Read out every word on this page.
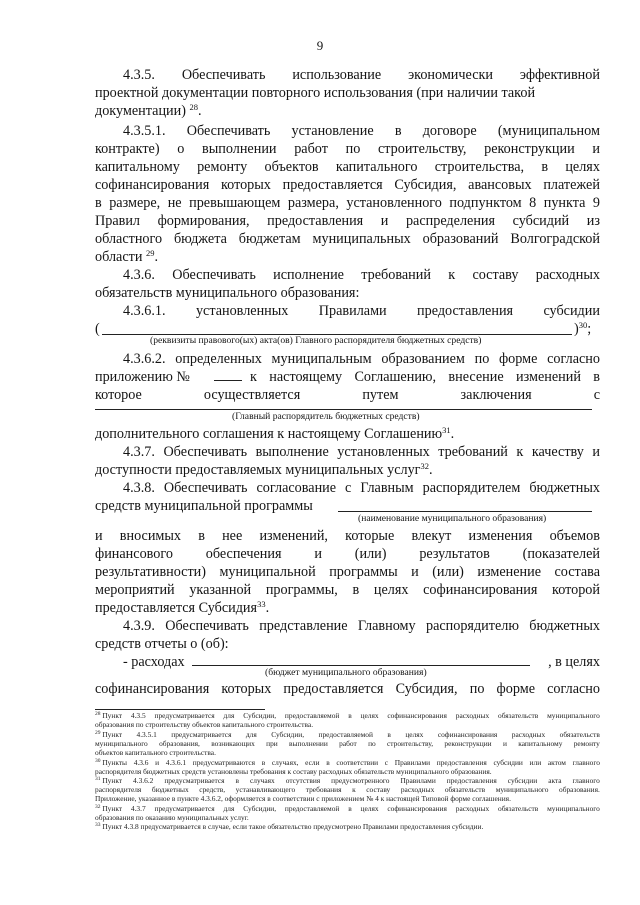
9
4.3.5. Обеспечивать использование экономически эффективной
проектной документации повторного использования (при наличии такой
документации) $^{28}$.
4.3.5.1. Обеспечивать установление в договоре (муниципальном
контракте) о выполнении работ по строительству, реконструкции и
капитальному ремонту объектов капитального строительства, в целях
софинансирования которых предоставляется Субсидия, авансовых платежей
в размере, не превышающем размера, установленного подпунктом 8 пункта 9
Правил формирования, предоставления и распределения субсидий из
областного бюджета бюджетам муниципальных образований Волгоградской
области $^{29}$.
4.3.6. Обеспечивать исполнение требований к составу расходных
обязательств муниципального образования:
4.3.6.1. установленных Правилами предоставления субсидии
(	)$^{30}$;
(реквизиты правового(ых) акта(ов) Главного распорядителя бюджетных средств)
4.3.6.2. определенных муниципальным образованием по форме согласно
приложению №	к настоящему Соглашению, внесение изменений в
которое	осуществляется	путем	заключения	с
(Главный распорядитель бюджетных средств)
дополнительного соглашения к настоящему Соглашению$^{31}$.
4.3.7. Обеспечивать выполнение установленных требований к качеству и
доступности предоставляемых муниципальных услуг$^{32}$.
4.3.8. Обеспечивать согласование с Главным распорядителем бюджетных
средств муниципальной программы
(наименование муниципального образования)
и вносимых в нее изменений, которые влекут изменения объемов
финансового обеспечения и (или) результатов (показателей
результативности) муниципальной программы и (или) изменение состава
мероприятий указанной программы, в целях софинансирования которой
предоставляется Субсидия$^{33}$.
4.3.9. Обеспечивать представление Главному распорядителю бюджетных
средств отчеты о (об):
- расходах	, в целях
(бюджет муниципального образования)
софинансирования которых предоставляется Субсидия, по форме согласно
$^{28}$ Пункт 4.3.5 предусматривается для Субсидии, предоставляемой в целях софинансирования расходных обязательств муниципального
образования по строительству объектов капитального строительства.
$^{29}$ Пункт 4.3.5.1 предусматривается для Субсидии, предоставляемой в целях софинансирования расходных обязательств
муниципального образования, возникающих при выполнении работ по строительству, реконструкции и капитальному ремонту
объектов капитального строительства.
$^{30}$ Пункты 4.3.6 и 4.3.6.1 предусматриваются в случаях, если в соответствии с Правилами предоставления субсидии или актом главного
распорядителя бюджетных средств установлены требования к составу расходных обязательств муниципального образования.
$^{31}$ Пункт 4.3.6.2 предусматривается в случаях отсутствия предусмотренного Правилами предоставления субсидии акта главного
распорядителя бюджетных средств, устанавливающего требования к составу расходных обязательств муниципального образования.
Приложение, указанное в пункте 4.3.6.2, оформляется в соответствии с приложением № 4 к настоящей Типовой форме соглашения.
$^{32}$ Пункт 4.3.7 предусматривается для Субсидии, предоставляемой в целях софинансирования расходных обязательств муниципального
образования по оказанию муниципальных услуг.
$^{33}$ Пункт 4.3.8 предусматривается в случае, если такое обязательство предусмотрено Правилами предоставления субсидии.
